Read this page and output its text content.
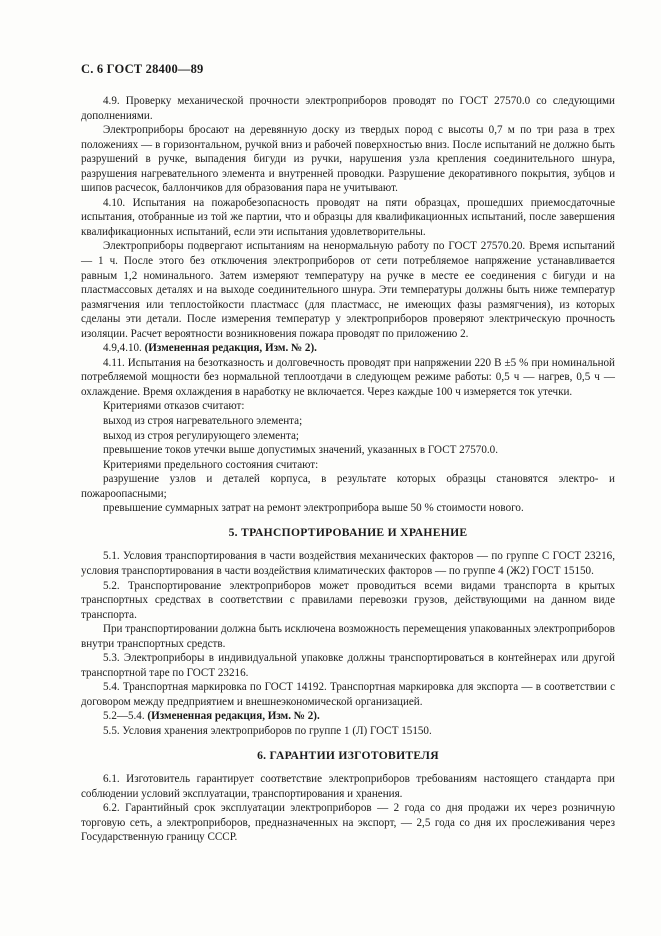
С. 6 ГОСТ 28400—89

4.9. Проверку механической прочности электроприборов проводят по ГОСТ 27570.0 со следующими дополнениями.

Электроприборы бросают на деревянную доску из твердых пород с высоты 0,7 м по три раза в трех положениях — в горизонтальном, ручкой вниз и рабочей поверхностью вниз. После испытаний не должно быть разрушений в ручке, выпадения бигуди из ручки, нарушения узла крепления соединительного шнура, разрушения нагревательного элемента и внутренней проводки. Разрушение декоративного покрытия, зубцов и шипов расчесок, баллончиков для образования пара не учитывают.

4.10. Испытания на пожаробезопасность проводят на пяти образцах, прошедших приемосдаточные испытания, отобранные из той же партии, что и образцы для квалификационных испытаний, после завершения квалификационных испытаний, если эти испытания удовлетворительны.

Электроприборы подвергают испытаниям на ненормальную работу по ГОСТ 27570.20. Время испытаний — 1 ч. После этого без отключения электроприборов от сети потребляемое напряжение устанавливается равным 1,2 номинального. Затем измеряют температуру на ручке в месте ее соединения с бигуди и на пластмассовых деталях и на выходе соединительного шнура. Эти температуры должны быть ниже температур размягчения или теплостойкости пластмасс (для пластмасс, не имеющих фазы размягчения), из которых сделаны эти детали. После измерения температур у электроприборов проверяют электрическую прочность изоляции. Расчет вероятности возникновения пожара проводят по приложению 2.

4.9,4.10. (Измененная редакция, Изм. № 2).

4.11. Испытания на безотказность и долговечность проводят при напряжении 220 В ±5 % при номинальной потребляемой мощности без нормальной теплоотдачи в следующем режиме работы: 0,5 ч — нагрев, 0,5 ч — охлаждение. Время охлаждения в наработку не включается. Через каждые 100 ч измеряется ток утечки.

Критериями отказов считают:

выход из строя нагревательного элемента;

выход из строя регулирующего элемента;

превышение токов утечки выше допустимых значений, указанных в ГОСТ 27570.0.

Критериями предельного состояния считают:

разрушение узлов и деталей корпуса, в результате которых образцы становятся электро- и пожароопасными;

превышение суммарных затрат на ремонт электроприбора выше 50 % стоимости нового.

5. ТРАНСПОРТИРОВАНИЕ И ХРАНЕНИЕ

5.1. Условия транспортирования в части воздействия механических факторов — по группе С ГОСТ 23216, условия транспортирования в части воздействия климатических факторов — по группе 4 (Ж2) ГОСТ 15150.

5.2. Транспортирование электроприборов может проводиться всеми видами транспорта в крытых транспортных средствах в соответствии с правилами перевозки грузов, действующими на данном виде транспорта.

При транспортировании должна быть исключена возможность перемещения упакованных электроприборов внутри транспортных средств.

5.3. Электроприборы в индивидуальной упаковке должны транспортироваться в контейнерах или другой транспортной таре по ГОСТ 23216.

5.4. Транспортная маркировка по ГОСТ 14192. Транспортная маркировка для экспорта — в соответствии с договором между предприятием и внешнеэкономической организацией.

5.2—5.4. (Измененная редакция, Изм. № 2).

5.5. Условия хранения электроприборов по группе 1 (Л) ГОСТ 15150.

6. ГАРАНТИИ ИЗГОТОВИТЕЛЯ

6.1. Изготовитель гарантирует соответствие электроприборов требованиям настоящего стандарта при соблюдении условий эксплуатации, транспортирования и хранения.

6.2. Гарантийный срок эксплуатации электроприборов — 2 года со дня продажи их через розничную торговую сеть, а электроприборов, предназначенных на экспорт, — 2,5 года со дня их прослеживания через Государственную границу СССР.
